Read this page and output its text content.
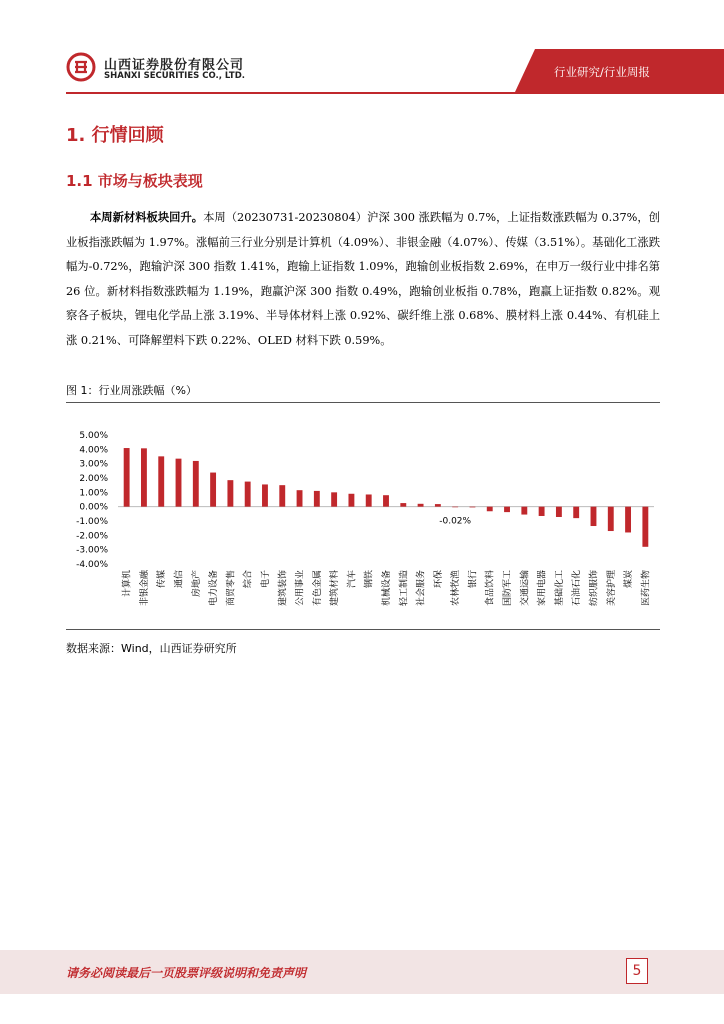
山西证券股份有限公司
SHANXI SECURITIES CO., LTD.	行业研究/行业周报
1. 行情回顾
1.1 市场与板块表现

本周新材料板块回升。本周（20230731-20230804）沪深 300 涨跌幅为 0.7%，上证指数涨跌幅为 0.37%，创业板指涨跌幅为 1.97%。涨幅前三行业分别是计算机（4.09%）、非银金融（4.07%）、传媒（3.51%）。基础化工涨跌幅为-0.72%，跑输沪深 300 指数 1.41%，跑输上证指数 1.09%，跑输创业板指数 2.69%，在申万一级行业中排名第 26 位。新材料指数涨跌幅为 1.19%，跑赢沪深 300 指数 0.49%，跑输创业板指 0.78%，跑赢上证指数 0.82%。观察各子板块，锂电化学品上涨 3.19%、半导体材料上涨 0.92%、碳纤维上涨 0.68%、膜材料上涨 0.44%、有机硅上涨 0.21%、可降解塑料下跌 0.22%、OLED 材料下跌 0.59%。

图 1：行业周涨跌幅（%）
5.00%
4.00%
3.00%
2.00%
1.00%
0.00%
-1.00%
-2.00%
-3.00%
-4.00%
计算机 非银金融 传媒 通信 房地产 电力设备 商贸零售 综合 电子 建筑装饰 公用事业 有色金属 建筑材料 汽车 钢铁 机械设备 轻工制造 社会服务 环保 农林牧渔 银行 食品饮料 国防军工 交通运输 家用电器 基础化工 石油石化 纺织服饰 美容护理 煤炭 医药生物
-0.02%
数据来源：Wind，山西证券研究所
请务必阅读最后一页股票评级说明和免责声明	5
